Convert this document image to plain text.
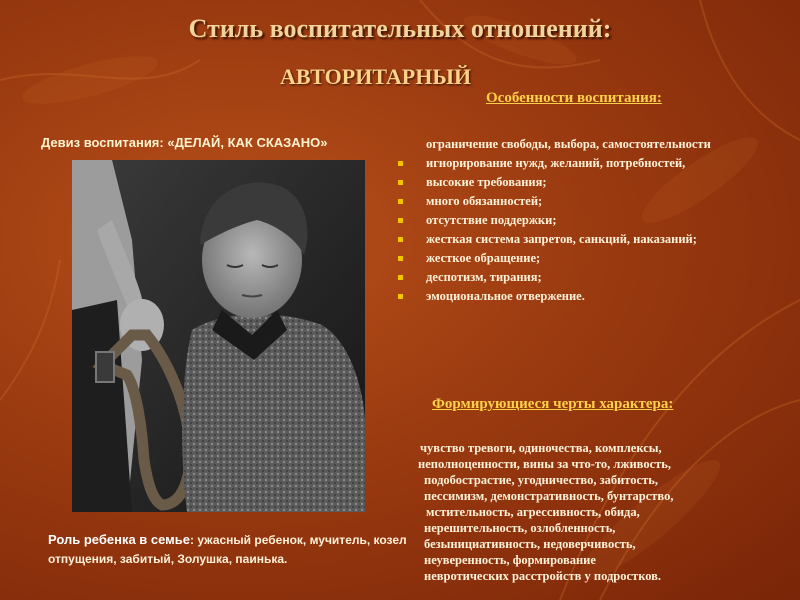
Стиль воспитательных отношений:
АВТОРИТАРНЫЙ
Девиз воспитания: «ДЕЛАЙ, КАК СКАЗАНО»
Особенности воспитания:
ограничение свободы, выбора, самостоятельности
игнорирование нужд, желаний, потребностей,
высокие требования;
много обязанностей;
отсутствие поддержки;
жесткая система запретов, санкций, наказаний;
жесткое обращение;
деспотизм, тирания;
эмоциональное отвержение.
Формирующиеся черты характера:
чувство тревоги, одиночества, комплексы,
неполноценности, вины за что-то, лживость,
подобострастие, угодничество, забитость,
пессимизм, демонстративность, бунтарство,
мстительность, агрессивность, обида,
нерешительность, озлобленность,
безынициативность, недоверчивость,
неуверенность, формирование
невротических расстройств у подростков.
Роль ребенка в семье: ужасный ребенок, мучитель, козел отпущения, забитый, Золушка, паинька.
